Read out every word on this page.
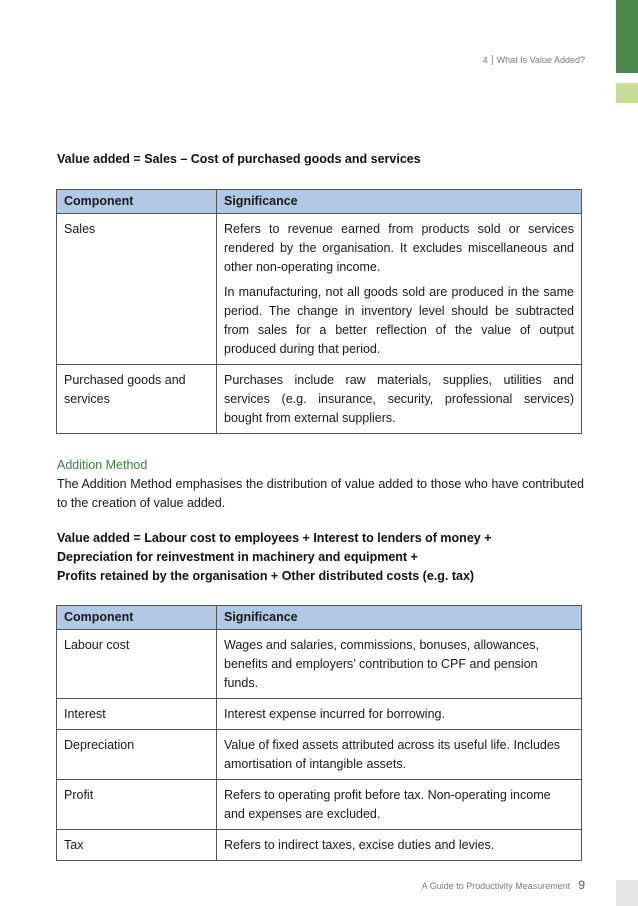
4 What Is Value Added?
Value added = Sales – Cost of purchased goods and services
Component	Significance
Sales	Refers to revenue earned from products sold or services rendered by the organisation. It excludes miscellaneous and other non-operating income.

In manufacturing, not all goods sold are produced in the same period. The change in inventory level should be subtracted from sales for a better reflection of the value of output produced during that period.

Purchased goods and services	Purchases include raw materials, supplies, utilities and services (e.g. insurance, security, professional services) bought from external suppliers.

Addition Method
The Addition Method emphasises the distribution of value added to those who have contributed to the creation of value added.
Value added = Labour cost to employees + Interest to lenders of money +
Depreciation for reinvestment in machinery and equipment +
Profits retained by the organisation + Other distributed costs (e.g. tax)
Component	Significance
Labour cost	Wages and salaries, commissions, bonuses, allowances, benefits and employers’ contribution to CPF and pension funds.
Interest	Interest expense incurred for borrowing.
Depreciation	Value of fixed assets attributed across its useful life. Includes amortisation of intangible assets.
Profit	Refers to operating profit before tax. Non-operating income and expenses are excluded.
Tax	Refers to indirect taxes, excise duties and levies.
A Guide to Productivity Measurement 9
